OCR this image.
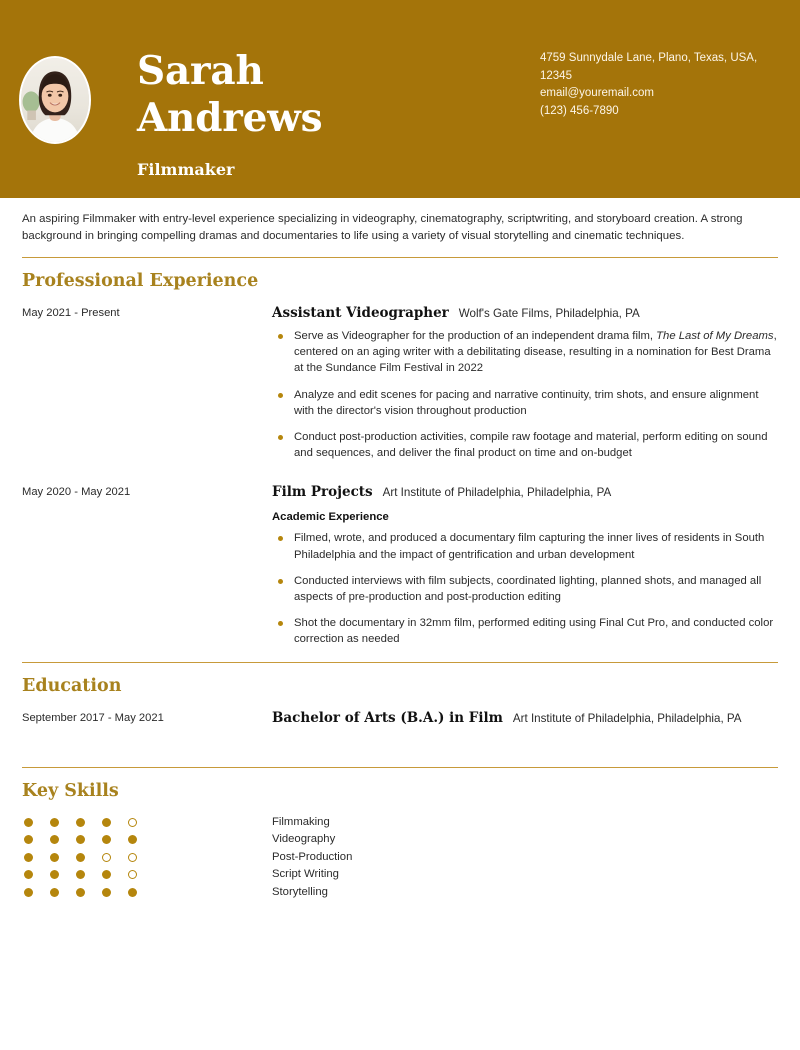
Sarah Andrews
Filmmaker
4759 Sunnydale Lane, Plano, Texas, USA, 12345
email@youremail.com
(123) 456-7890
An aspiring Filmmaker with entry-level experience specializing in videography, cinematography, scriptwriting, and storyboard creation. A strong background in bringing compelling dramas and documentaries to life using a variety of visual storytelling and cinematic techniques.
Professional Experience
May 2021 - Present	Assistant Videographer Wolf's Gate Films, Philadelphia, PA
Serve as Videographer for the production of an independent drama film, The Last of My Dreams, centered on an aging writer with a debilitating disease, resulting in a nomination for Best Drama at the Sundance Film Festival in 2022
Analyze and edit scenes for pacing and narrative continuity, trim shots, and ensure alignment with the director's vision throughout production
Conduct post-production activities, compile raw footage and material, perform editing on sound and sequences, and deliver the final product on time and on-budget
May 2020 - May 2021	Film Projects Art Institute of Philadelphia, Philadelphia, PA
Academic Experience
Filmed, wrote, and produced a documentary film capturing the inner lives of residents in South Philadelphia and the impact of gentrification and urban development
Conducted interviews with film subjects, coordinated lighting, planned shots, and managed all aspects of pre-production and post-production editing
Shot the documentary in 32mm film, performed editing using Final Cut Pro, and conducted color correction as needed
Education
September 2017 - May 2021	Bachelor of Arts (B.A.) in Film Art Institute of Philadelphia, Philadelphia, PA
Key Skills
Filmmaking
Videography
Post-Production
Script Writing
Storytelling
